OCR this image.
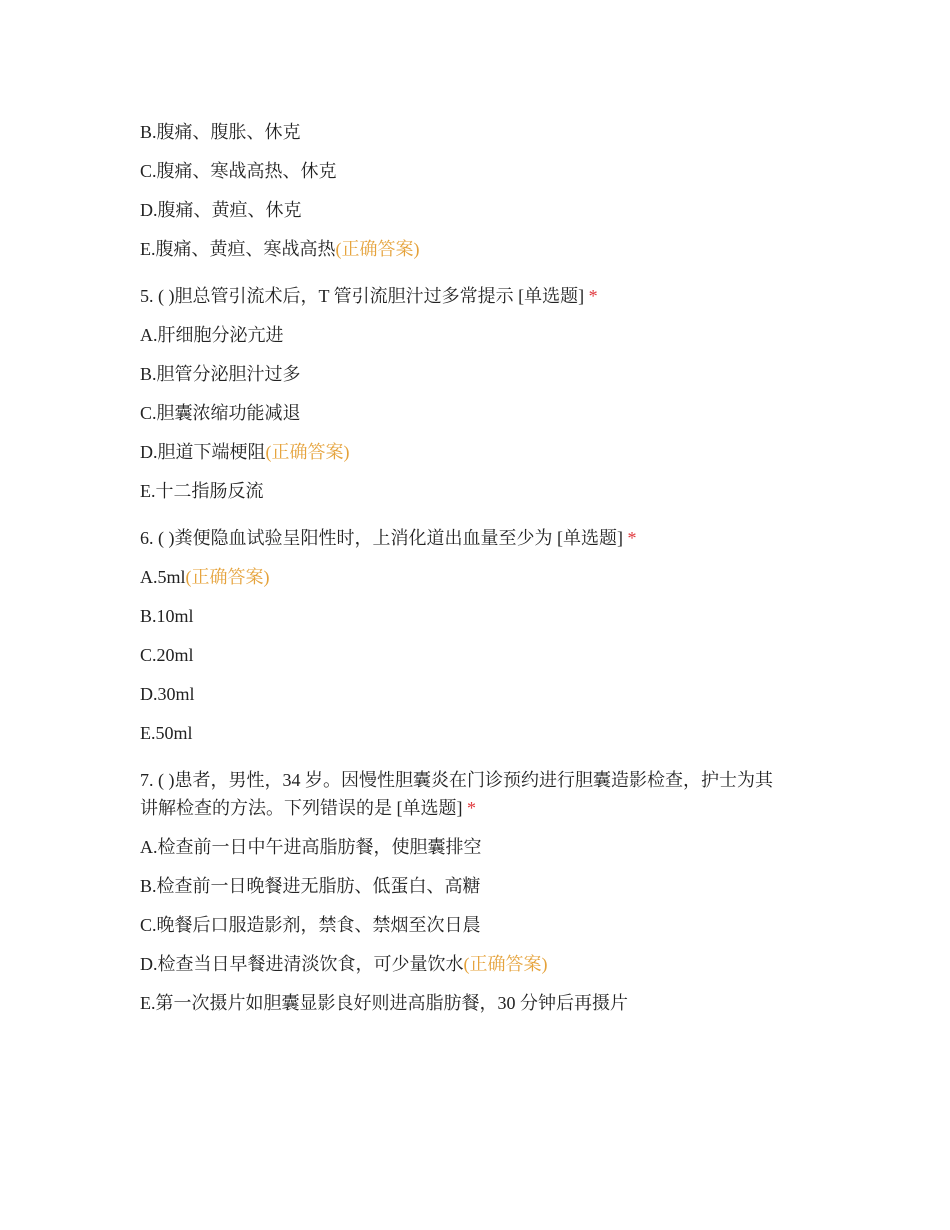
B.腹痛、腹胀、休克
C.腹痛、寒战高热、休克
D.腹痛、黄疸、休克
E.腹痛、黄疸、寒战高热(正确答案)
5. ( )胆总管引流术后，T 管引流胆汁过多常提示 [单选题] *
A.肝细胞分泌亢进
B.胆管分泌胆汁过多
C.胆囊浓缩功能减退
D.胆道下端梗阻(正确答案)
E.十二指肠反流
6. ( )粪便隐血试验呈阳性时，上消化道出血量至少为 [单选题] *
A.5ml(正确答案)
B.10ml
C.20ml
D.30ml
E.50ml
7. ( )患者，男性，34 岁。因慢性胆囊炎在门诊预约进行胆囊造影检查，护士为其
讲解检查的方法。下列错误的是 [单选题] *
A.检查前一日中午进高脂肪餐，使胆囊排空
B.检查前一日晚餐进无脂肪、低蛋白、高糖
C.晚餐后口服造影剂，禁食、禁烟至次日晨
D.检查当日早餐进清淡饮食，可少量饮水(正确答案)
E.第一次摄片如胆囊显影良好则进高脂肪餐，30 分钟后再摄片
